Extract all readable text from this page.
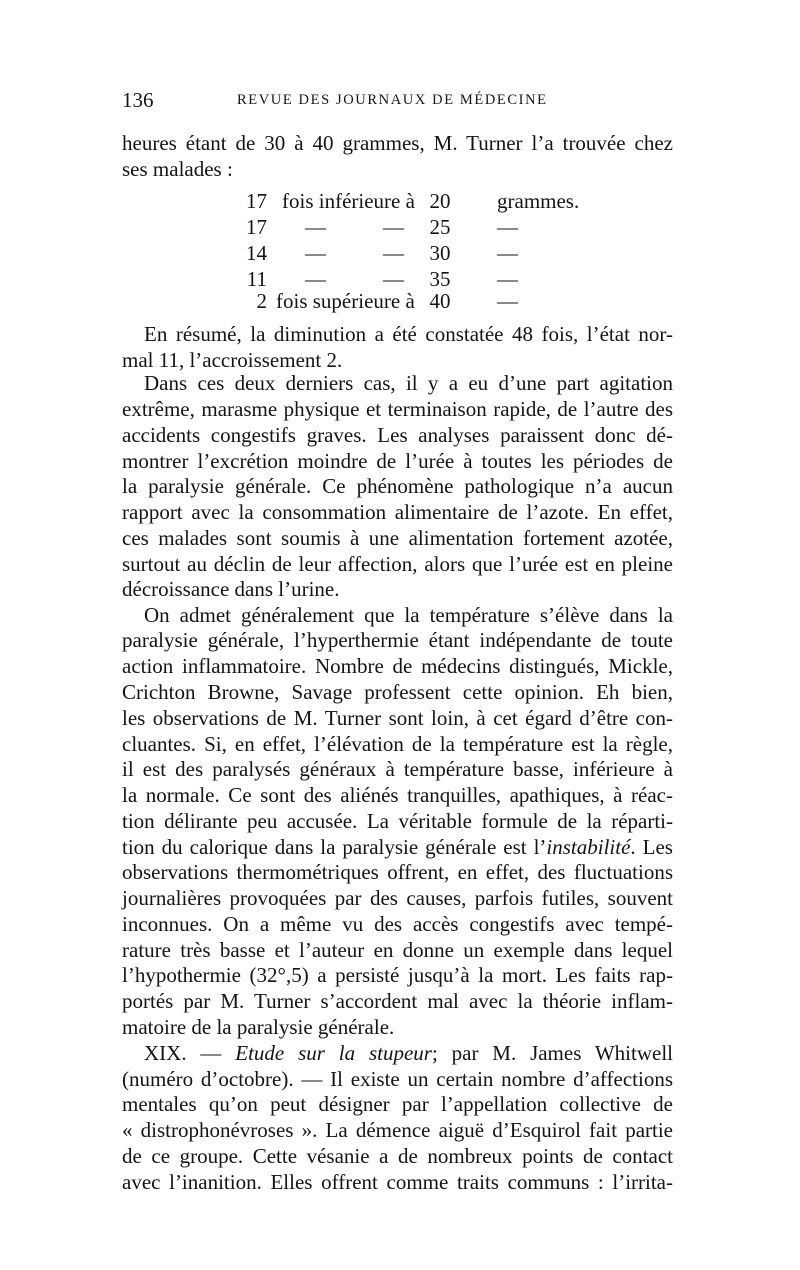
136	REVUE DES JOURNAUX DE MÉDECINE
heures étant de 30 à 40 grammes, M. Turner l’a trouvée chez
ses malades :
17 fois inférieure à 20	grammes.
17 —	—	25	—
14 —	—	30	—
11 —	—	35	—
2 fois supérieure à 40	—
En résumé, la diminution a été constatée 48 fois, l’état nor-
mal 11, l’accroissement 2.
Dans ces deux derniers cas, il y a eu d’une part agitation
extrême, marasme physique et terminaison rapide, de l’autre des
accidents congestifs graves. Les analyses paraissent donc dé-
montrer l’excrétion moindre de l’urée à toutes les périodes de
la paralysie générale. Ce phénomène pathologique n’a aucun
rapport avec la consommation alimentaire de l’azote. En effet,
ces malades sont soumis à une alimentation fortement azotée,
surtout au déclin de leur affection, alors que l’urée est en pleine
décroissance dans l’urine.
On admet généralement que la température s’élève dans la
paralysie générale, l’hyperthermie étant indépendante de toute
action inflammatoire. Nombre de médecins distingués, Mickle,
Crichton Browne, Savage professent cette opinion. Eh bien,
les observations de M. Turner sont loin, à cet égard d’être con-
cluantes. Si, en effet, l’élévation de la température est la règle,
il est des paralysés généraux à température basse, inférieure à
la normale. Ce sont des aliénés tranquilles, apathiques, à réac-
tion délirante peu accusée. La véritable formule de la réparti-
tion du calorique dans la paralysie générale est l’instabilité. Les
observations thermométriques offrent, en effet, des fluctuations
journalières provoquées par des causes, parfois futiles, souvent
inconnues. On a même vu des accès congestifs avec tempé-
rature très basse et l’auteur en donne un exemple dans lequel
l’hypothermie (32°,5) a persisté jusqu’à la mort. Les faits rap-
portés par M. Turner s’accordent mal avec la théorie inflam-
matoire de la paralysie générale.
XIX. — Etude sur la stupeur; par M. James Whitwell
(numéro d’octobre). — Il existe un certain nombre d’affections
mentales qu’on peut désigner par l’appellation collective de
« distrophonévroses ». La démence aiguë d’Esquirol fait partie
de ce groupe. Cette vésanie a de nombreux points de contact
avec l’inanition. Elles offrent comme traits communs : l’irrita-
